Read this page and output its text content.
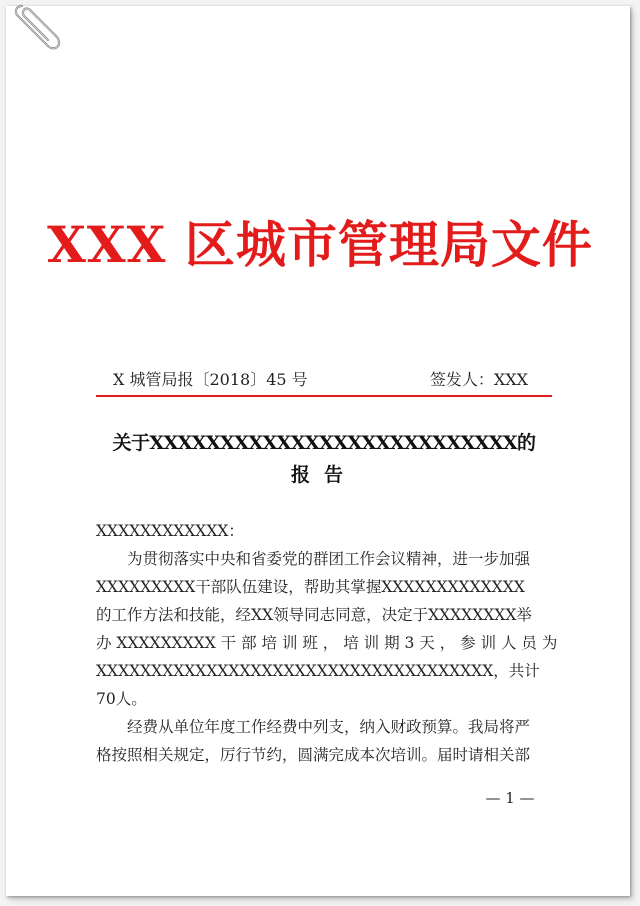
XXX 区城市管理局文件
X 城管局报〔2018〕45 号	签发人：XXX
关于XXXXXXXXXXXXXXXXXXXXXXXXXX的
报告
XXXXXXXXXXXX：
为贯彻落实中央和省委党的群团工作会议精神，进一步加强
XXXXXXXXX干部队伍建设，帮助其掌握XXXXXXXXXXXXX
的工作方法和技能，经XX领导同志同意，决定于XXXXXXXX举
办 XXXXXXXXX 干 部 培 训 班 ， 培 训 期 3 天 ， 参 训 人 员 为
XXXXXXXXXXXXXXXXXXXXXXXXXXXXXXXXXXXX，共计
70人。
经费从单位年度工作经费中列支，纳入财政预算。我局将严
格按照相关规定，厉行节约，圆满完成本次培训。届时请相关部
— 1 —
